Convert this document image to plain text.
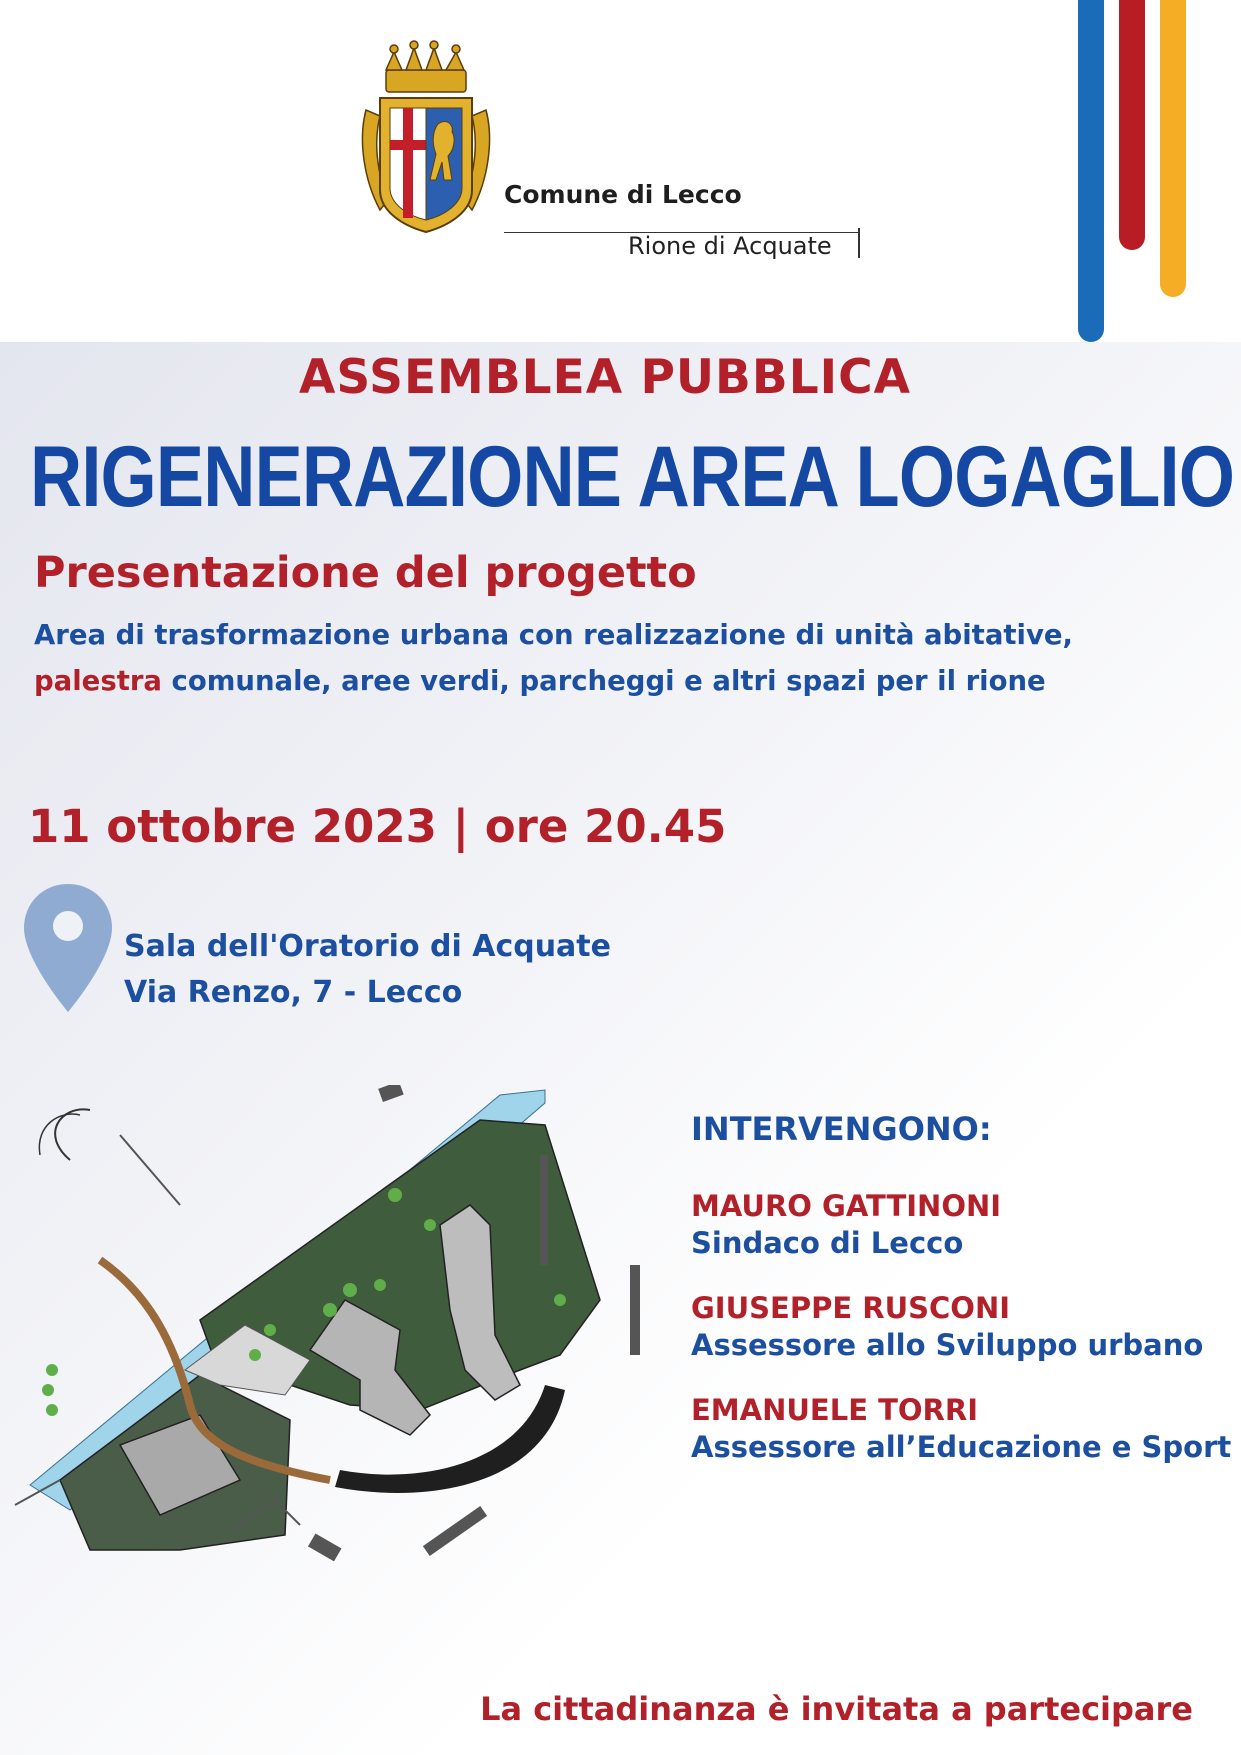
Comune di Lecco
Rione di Acquate
ASSEMBLEA PUBBLICA
RIGENERAZIONE AREA LOGAGLIO
Presentazione del progetto
Area di trasformazione urbana con realizzazione di unità abitative,
palestra comunale, aree verdi, parcheggi e altri spazi per il rione
11 ottobre 2023 | ore 20.45
Sala dell'Oratorio di Acquate
Via Renzo, 7 - Lecco
INTERVENGONO:
MAURO GATTINONI
Sindaco di Lecco
GIUSEPPE RUSCONI
Assessore allo Sviluppo urbano
EMANUELE TORRI
Assessore all’Educazione e Sport
La cittadinanza è invitata a partecipare
